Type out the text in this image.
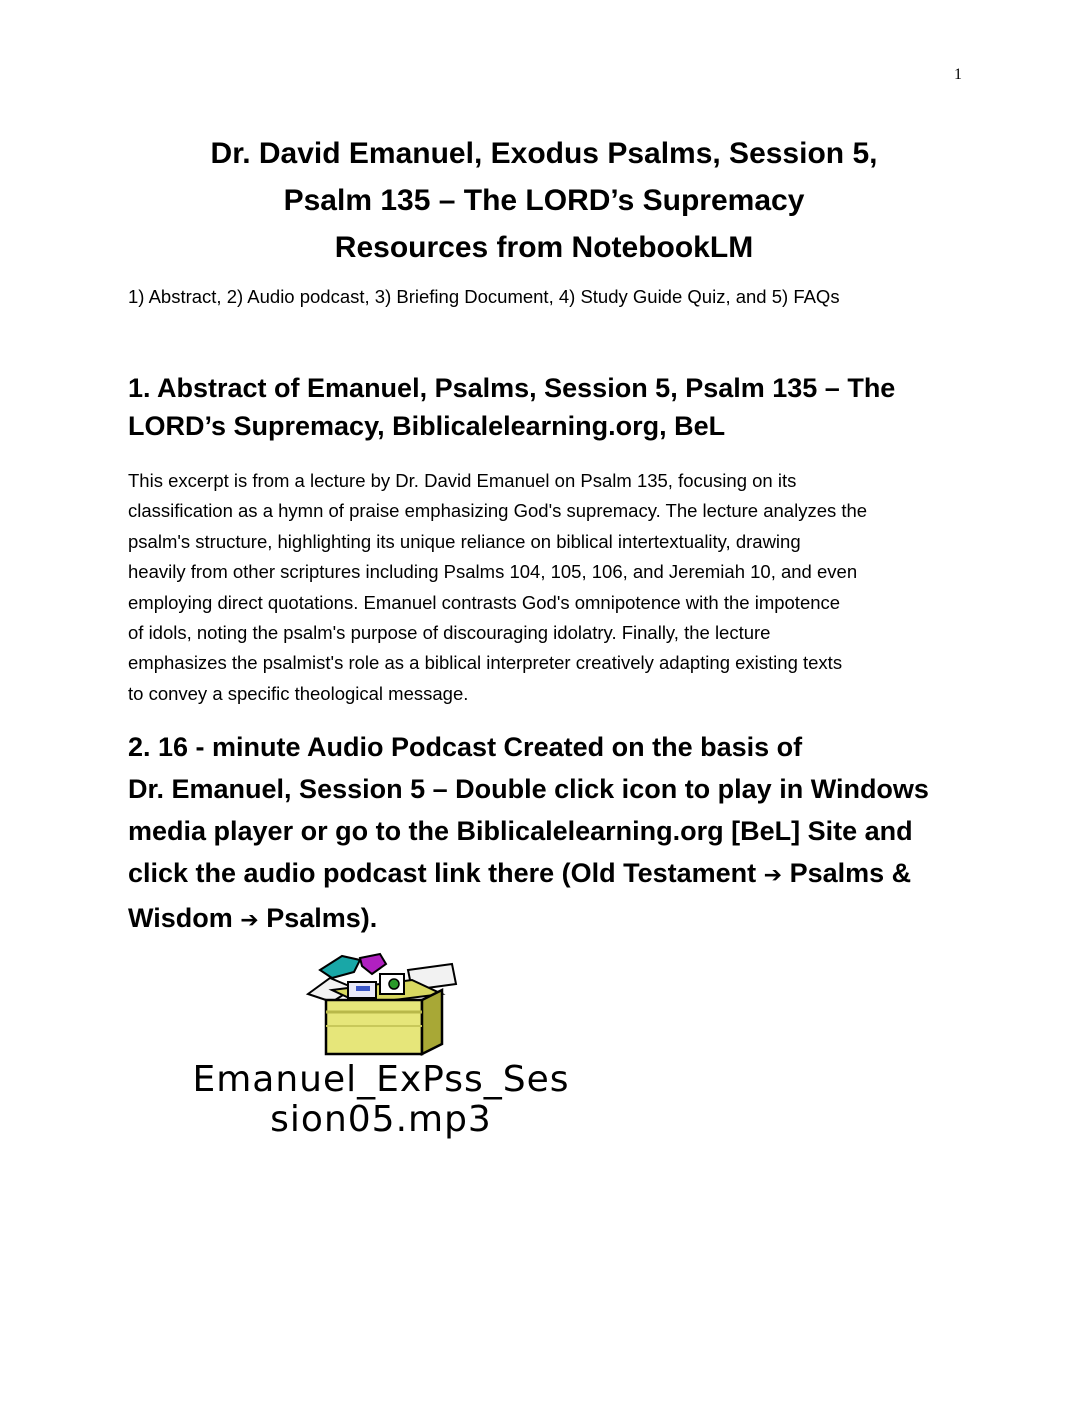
1
Dr. David Emanuel, Exodus Psalms, Session 5,
Psalm 135 – The LORD’s Supremacy
Resources from NotebookLM
1) Abstract, 2) Audio podcast, 3) Briefing Document, 4) Study Guide Quiz, and 5) FAQs
1. Abstract of Emanuel, Psalms, Session 5, Psalm 135 – The
LORD’s Supremacy, Biblicalelearning.org, BeL
This excerpt is from a lecture by Dr. David Emanuel on Psalm 135, focusing on its
classification as a hymn of praise emphasizing God's supremacy. The lecture analyzes the
psalm's structure, highlighting its unique reliance on biblical intertextuality, drawing
heavily from other scriptures including Psalms 104, 105, 106, and Jeremiah 10, and even
employing direct quotations. Emanuel contrasts God's omnipotence with the impotence
of idols, noting the psalm's purpose of discouraging idolatry. Finally, the lecture
emphasizes the psalmist's role as a biblical interpreter creatively adapting existing texts
to convey a specific theological message.
2. 16 - minute Audio Podcast Created on the basis of
Dr. Emanuel, Session 5 – Double click icon to play in Windows
media player or go to the Biblicalelearning.org [BeL] Site and
click the audio podcast link there (Old Testament ➔ Psalms &
Wisdom ➔ Psalms).
Emanuel_ExPss_Ses
sion05.mp3
